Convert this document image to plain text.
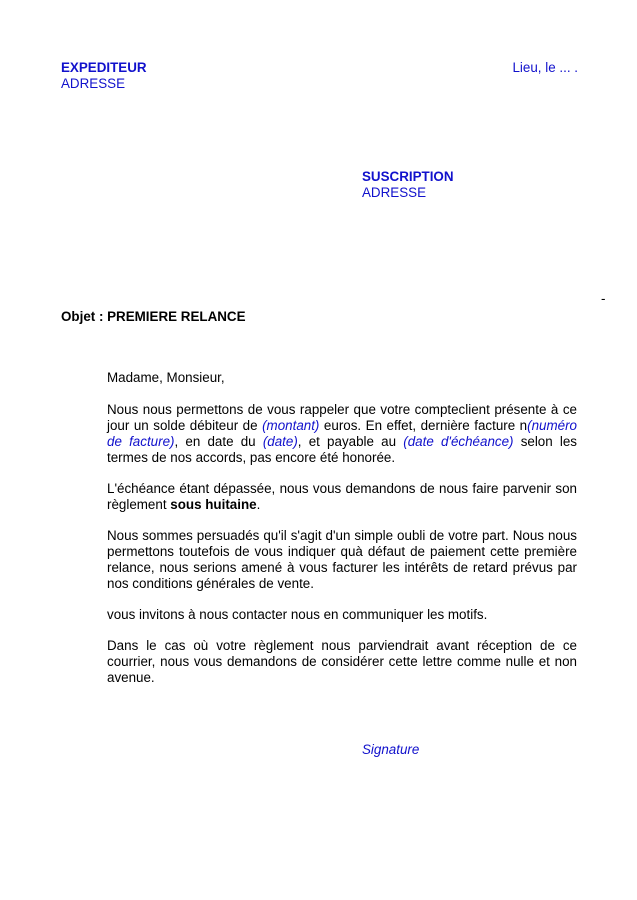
EXPEDITEUR
ADRESSE
Lieu, le ... .
SUSCRIPTION
ADRESSE
-
Objet : PREMIERE RELANCE

Madame, Monsieur,

Nous nous permettons de vous rappeler que votre compteclient présente à ce jour un solde débiteur de (montant) euros. En effet, dernière facture n(numéro de facture), en date du (date), et payable au (date d'échéance) selon les termes de nos accords, pas encore été honorée.

L'échéance étant dépassée, nous vous demandons de nous faire parvenir son règlement sous huitaine.

Nous sommes persuadés qu'il s'agit d'un simple oubli de votre part. Nous nous permettons toutefois de vous indiquer quà défaut de paiement cette première relance, nous serions amené à vous facturer les intérêts de retard prévus par nos conditions générales de vente.

vous invitons à nous contacter nous en communiquer les motifs.

Dans le cas où votre règlement nous parviendrait avant réception de ce courrier, nous vous demandons de considérer cette lettre comme nulle et non avenue.

Signature
